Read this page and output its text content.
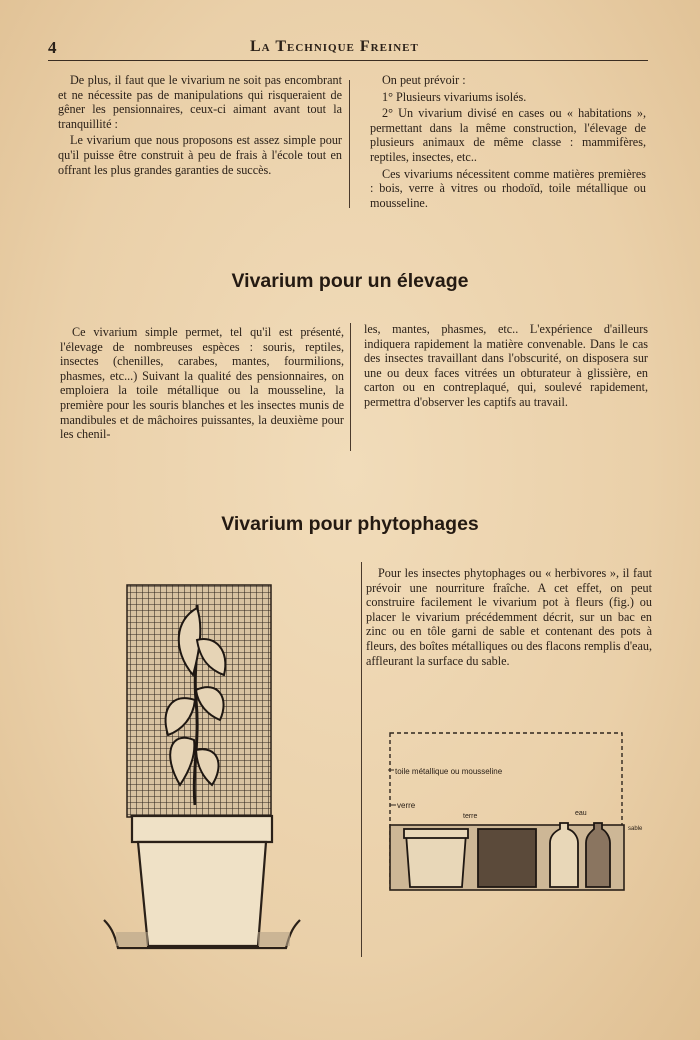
4	La Technique Freinet

De plus, il faut que le vivarium ne soit pas encombrant et ne nécessite pas de manipulations qui risqueraient de gêner les pensionnaires, ceux-ci aimant avant tout la tranquillité :

Le vivarium que nous proposons est assez simple pour qu'il puisse être construit à peu de frais à l'école tout en offrant les plus grandes garanties de succès.

On peut prévoir :

1° Plusieurs vivariums isolés.

2° Un vivarium divisé en cases ou « habitations », permettant dans la même construction, l'élevage de plusieurs animaux de même classe : mammifères, reptiles, insectes, etc..

Ces vivariums nécessitent comme matières premières : bois, verre à vitres ou rhodoïd, toile métallique ou mousseline.

Vivarium pour un élevage

Ce vivarium simple permet, tel qu'il est présenté, l'élevage de nombreuses espèces : souris, reptiles, insectes (chenilles, carabes, mantes, fourmilions, phasmes, etc...) Suivant la qualité des pensionnaires, on emploiera la toile métallique ou la mousseline, la première pour les souris blanches et les insectes munis de mandibules et de mâchoires puissantes, la deuxième pour les chenil-

les, mantes, phasmes, etc.. L'expérience d'ailleurs indiquera rapidement la matière convenable. Dans le cas des insectes travaillant dans l'obscurité, on disposera sur une ou deux faces vitrées un obturateur à glissière, en carton ou en contreplaqué, qui, soulevé rapidement, permettra d'observer les captifs au travail.

Vivarium pour phytophages

Pour les insectes phytophages ou « herbivores », il faut prévoir une nourriture fraîche. A cet effet, on peut construire facilement le vivarium pot à fleurs (fig.) ou placer le vivarium précédemment décrit, sur un bac en zinc ou en tôle garni de sable et contenant des pots à fleurs, des boîtes métalliques ou des flacons remplis d'eau, affleurant la surface du sable.

toile métallique ou mousseline
verre
terre	eau
sable
